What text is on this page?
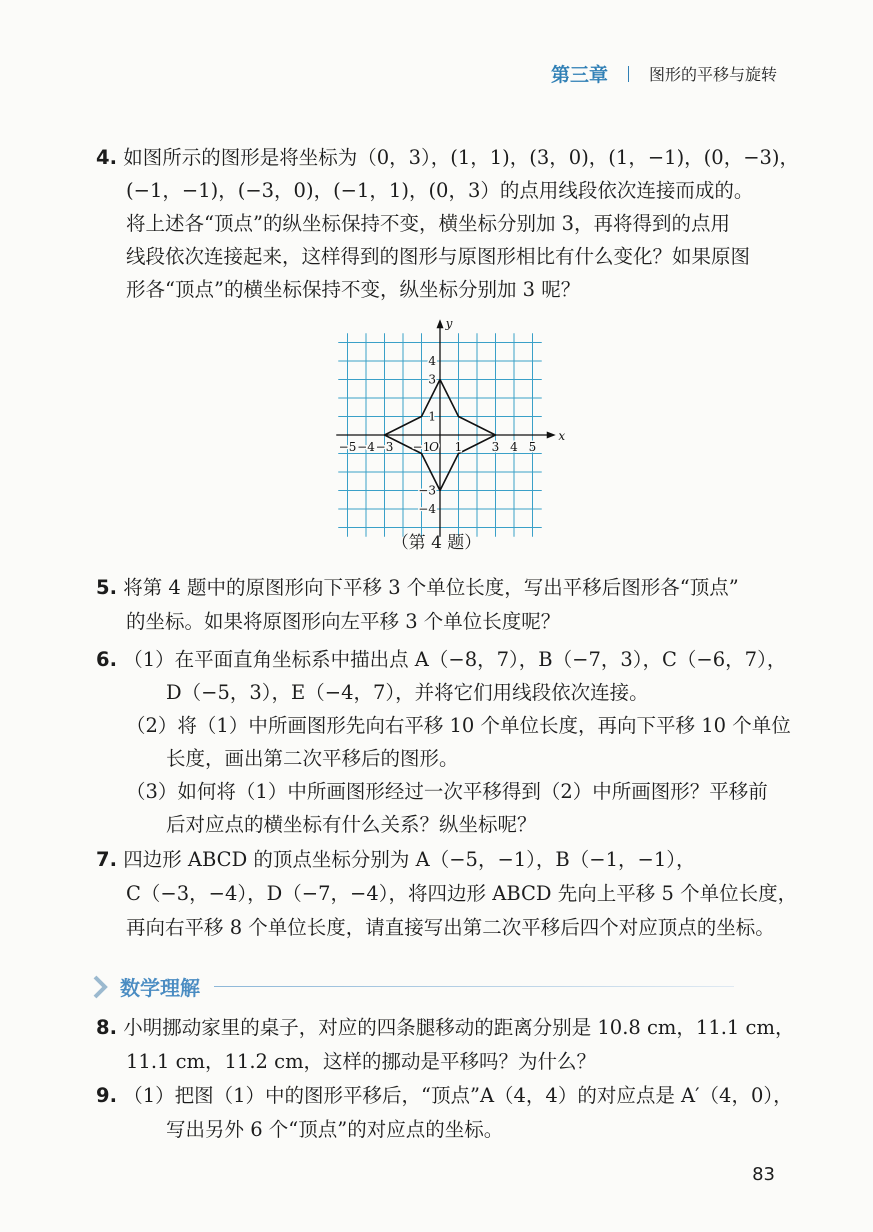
第三章	图形的平移与旋转
4. 如图所示的图形是将坐标为（0，3），(1，1)，(3，0)，(1，−1)，(0，−3)，
(−1，−1)，(−3，0)，(−1，1)，(0，3）的点用线段依次连接而成的。
将上述各“顶点”的纵坐标保持不变，横坐标分别加 3，再将得到的点用
线段依次连接起来，这样得到的图形与原图形相比有什么变化？如果原图
形各“顶点”的横坐标保持不变，纵坐标分别加 3 呢？
−5 −4 −3 −1 1 3 4 5
4
3
1
−3
−4
O
x
y
（第 4 题）
5. 将第 4 题中的原图形向下平移 3 个单位长度，写出平移后图形各“顶点”
的坐标。如果将原图形向左平移 3 个单位长度呢？
6. （1）在平面直角坐标系中描出点 A（−8，7），B（−7，3），C（−6，7），
D（−5，3），E（−4，7），并将它们用线段依次连接。
（2）将（1）中所画图形先向右平移 10 个单位长度，再向下平移 10 个单位
长度，画出第二次平移后的图形。
（3）如何将（1）中所画图形经过一次平移得到（2）中所画图形？平移前
后对应点的横坐标有什么关系？纵坐标呢？
7. 四边形 ABCD 的顶点坐标分别为 A（−5，−1），B（−1，−1），
C（−3，−4），D（−7，−4），将四边形 ABCD 先向上平移 5 个单位长度，
再向右平移 8 个单位长度，请直接写出第二次平移后四个对应顶点的坐标。
数学理解
8. 小明挪动家里的桌子，对应的四条腿移动的距离分别是 10.8 cm，11.1 cm，
11.1 cm，11.2 cm，这样的挪动是平移吗？为什么？
9. （1）把图（1）中的图形平移后，“顶点”A（4，4）的对应点是 A′（4，0），
写出另外 6 个“顶点”的对应点的坐标。
83
